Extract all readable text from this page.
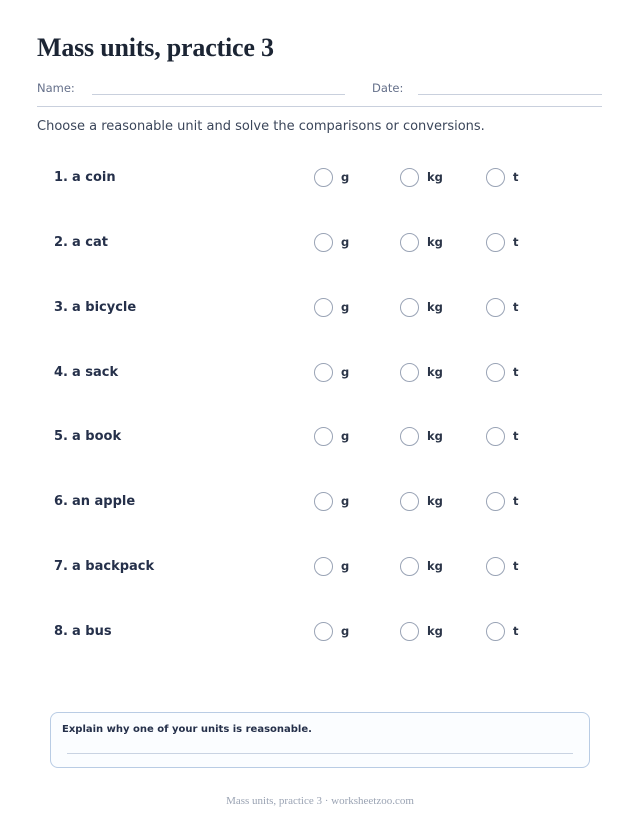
Mass units, practice 3
Name:	Date:
Choose a reasonable unit and solve the comparisons or conversions.
1. a coin	g	kg	t
2. a cat	g	kg	t
3. a bicycle	g	kg	t
4. a sack	g	kg	t
5. a book	g	kg	t
6. an apple	g	kg	t
7. a backpack	g	kg	t
8. a bus	g	kg	t
Explain why one of your units is reasonable.
Mass units, practice 3 · worksheetzoo.com
